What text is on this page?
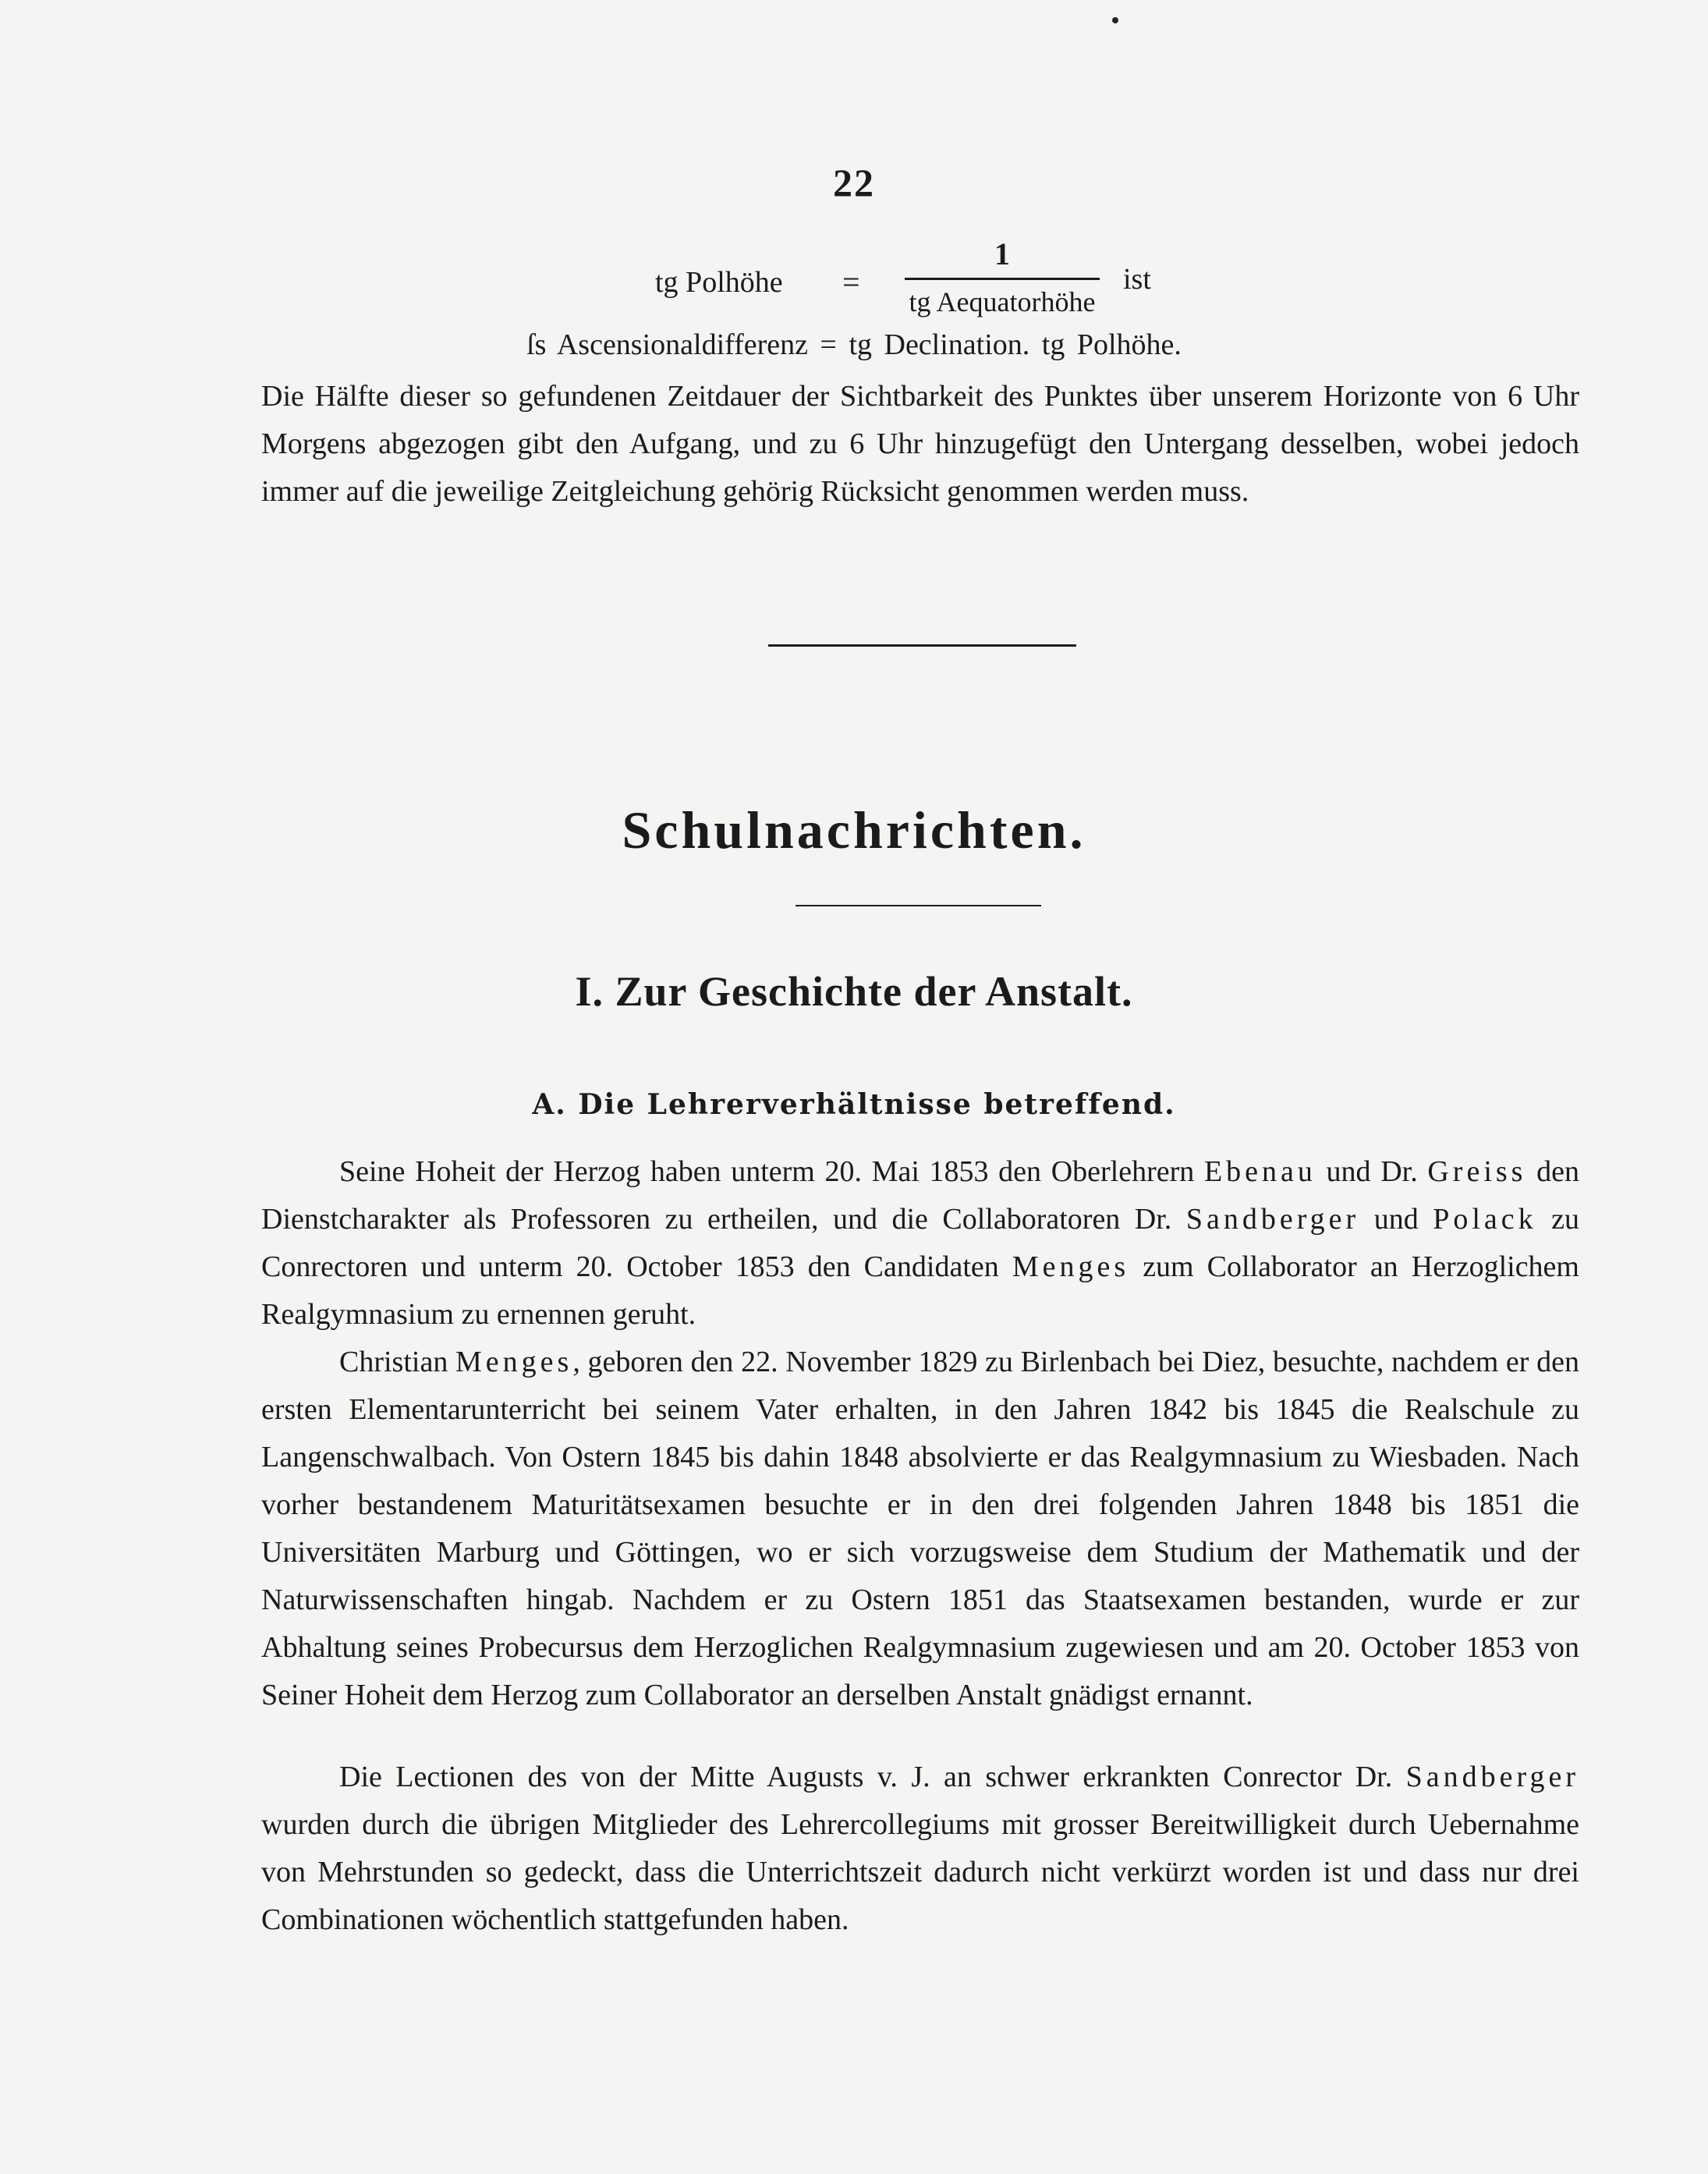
22
tg Polhöhe =
1
tg Aequatorhöhe
ist
ſs Ascensionaldifferenz = tg Declination. tg Polhöhe.

Die Hälfte dieser so gefundenen Zeitdauer der Sichtbarkeit des Punktes über unserem Horizonte von 6 Uhr Morgens abgezogen gibt den Aufgang, und zu 6 Uhr hinzugefügt den Untergang desselben, wobei jedoch immer auf die jeweilige Zeitgleichung gehörig Rücksicht genommen werden muss.

Schulnachrichten.
I. Zur Geschichte der Anstalt.
A. Die Lehrerverhältnisse betreffend.

Seine Hoheit der Herzog haben unterm 20. Mai 1853 den Oberlehrern Ebenau und Dr. Greiss den Dienstcharakter als Professoren zu ertheilen, und die Collaboratoren Dr. Sandberger und Polack zu Conrectoren und unterm 20. October 1853 den Candidaten Menges zum Collaborator an Herzoglichem Realgymnasium zu ernennen geruht.

Christian Menges, geboren den 22. November 1829 zu Birlenbach bei Diez, besuchte, nachdem er den ersten Elementarunterricht bei seinem Vater erhalten, in den Jahren 1842 bis 1845 die Realschule zu Langenschwalbach. Von Ostern 1845 bis dahin 1848 absolvierte er das Realgymnasium zu Wiesbaden. Nach vorher bestandenem Maturitätsexamen besuchte er in den drei folgenden Jahren 1848 bis 1851 die Universitäten Marburg und Göttingen, wo er sich vorzugsweise dem Studium der Mathematik und der Naturwissenschaften hingab. Nachdem er zu Ostern 1851 das Staatsexamen bestanden, wurde er zur Abhaltung seines Probecursus dem Herzoglichen Realgymnasium zugewiesen und am 20. October 1853 von Seiner Hoheit dem Herzog zum Collaborator an derselben Anstalt gnädigst ernannt.

Die Lectionen des von der Mitte Augusts v. J. an schwer erkrankten Conrector Dr. Sandberger wurden durch die übrigen Mitglieder des Lehrercollegiums mit grosser Bereitwilligkeit durch Uebernahme von Mehrstunden so gedeckt, dass die Unterrichtszeit dadurch nicht verkürzt worden ist und dass nur drei Combinationen wöchentlich stattgefunden haben.
